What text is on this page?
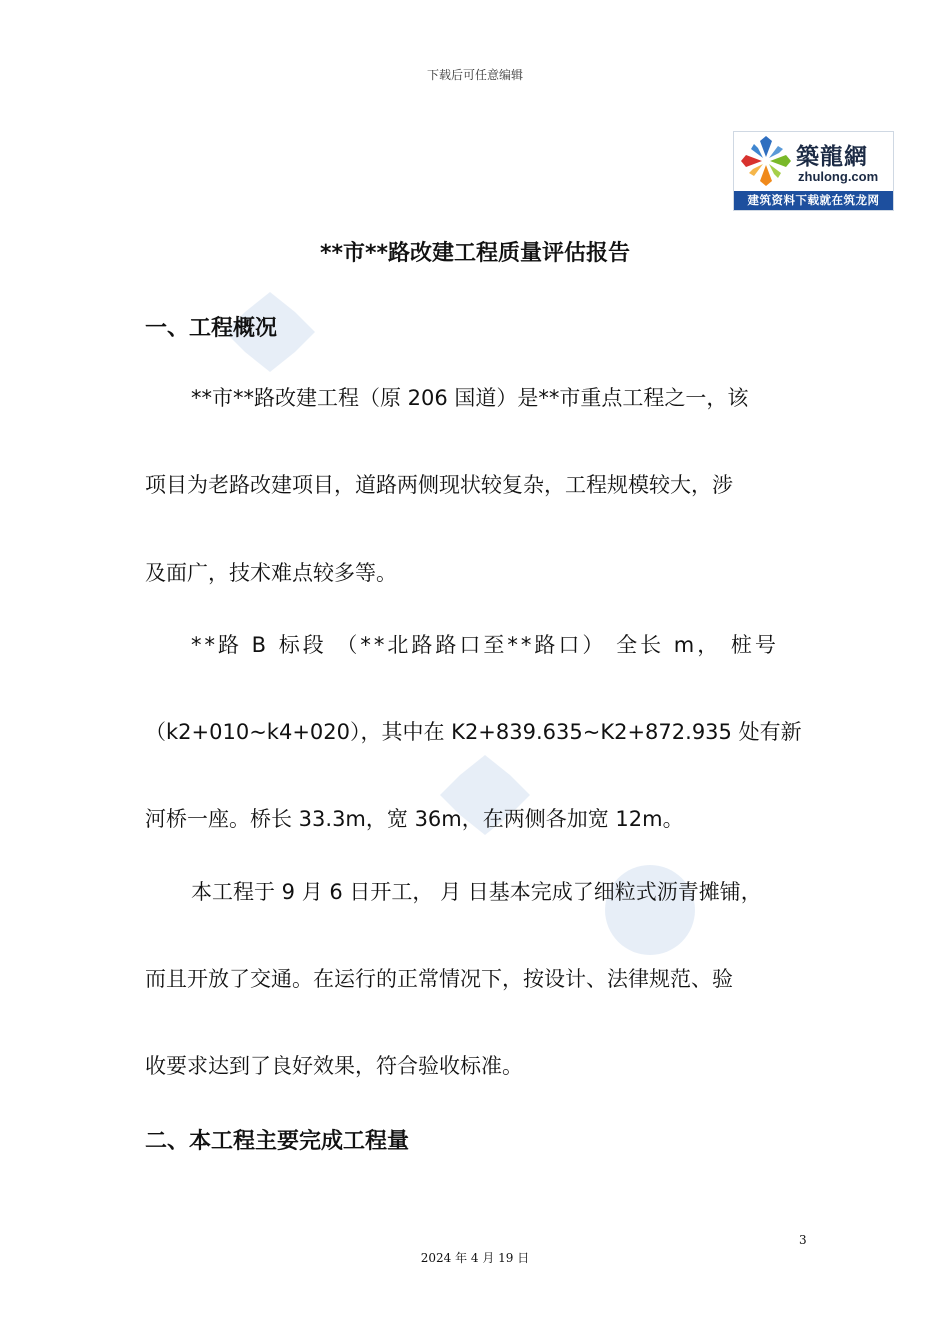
下载后可任意编辑
築龍網
zhulong.com
建筑资料下载就在筑龙网
**市**路改建工程质量评估报告
一、工程概况
**市**路改建工程（原 206 国道）是**市重点工程之一，该
项目为老路改建项目，道路两侧现状较复杂，工程规模较大，涉
及面广，技术难点较多等。
**路 B 标段 （**北路路口至**路口） 全长 m， 桩号
（k2+010~k4+020），其中在 K2+839.635~K2+872.935 处有新
河桥一座。桥长 33.3m，宽 36m，在两侧各加宽 12m。
本工程于 9 月 6 日开工， 月 日基本完成了细粒式沥青摊铺，
而且开放了交通。在运行的正常情况下，按设计、法律规范、验
收要求达到了良好效果，符合验收标准。
二、本工程主要完成工程量
3
2024 年 4 月 19 日
